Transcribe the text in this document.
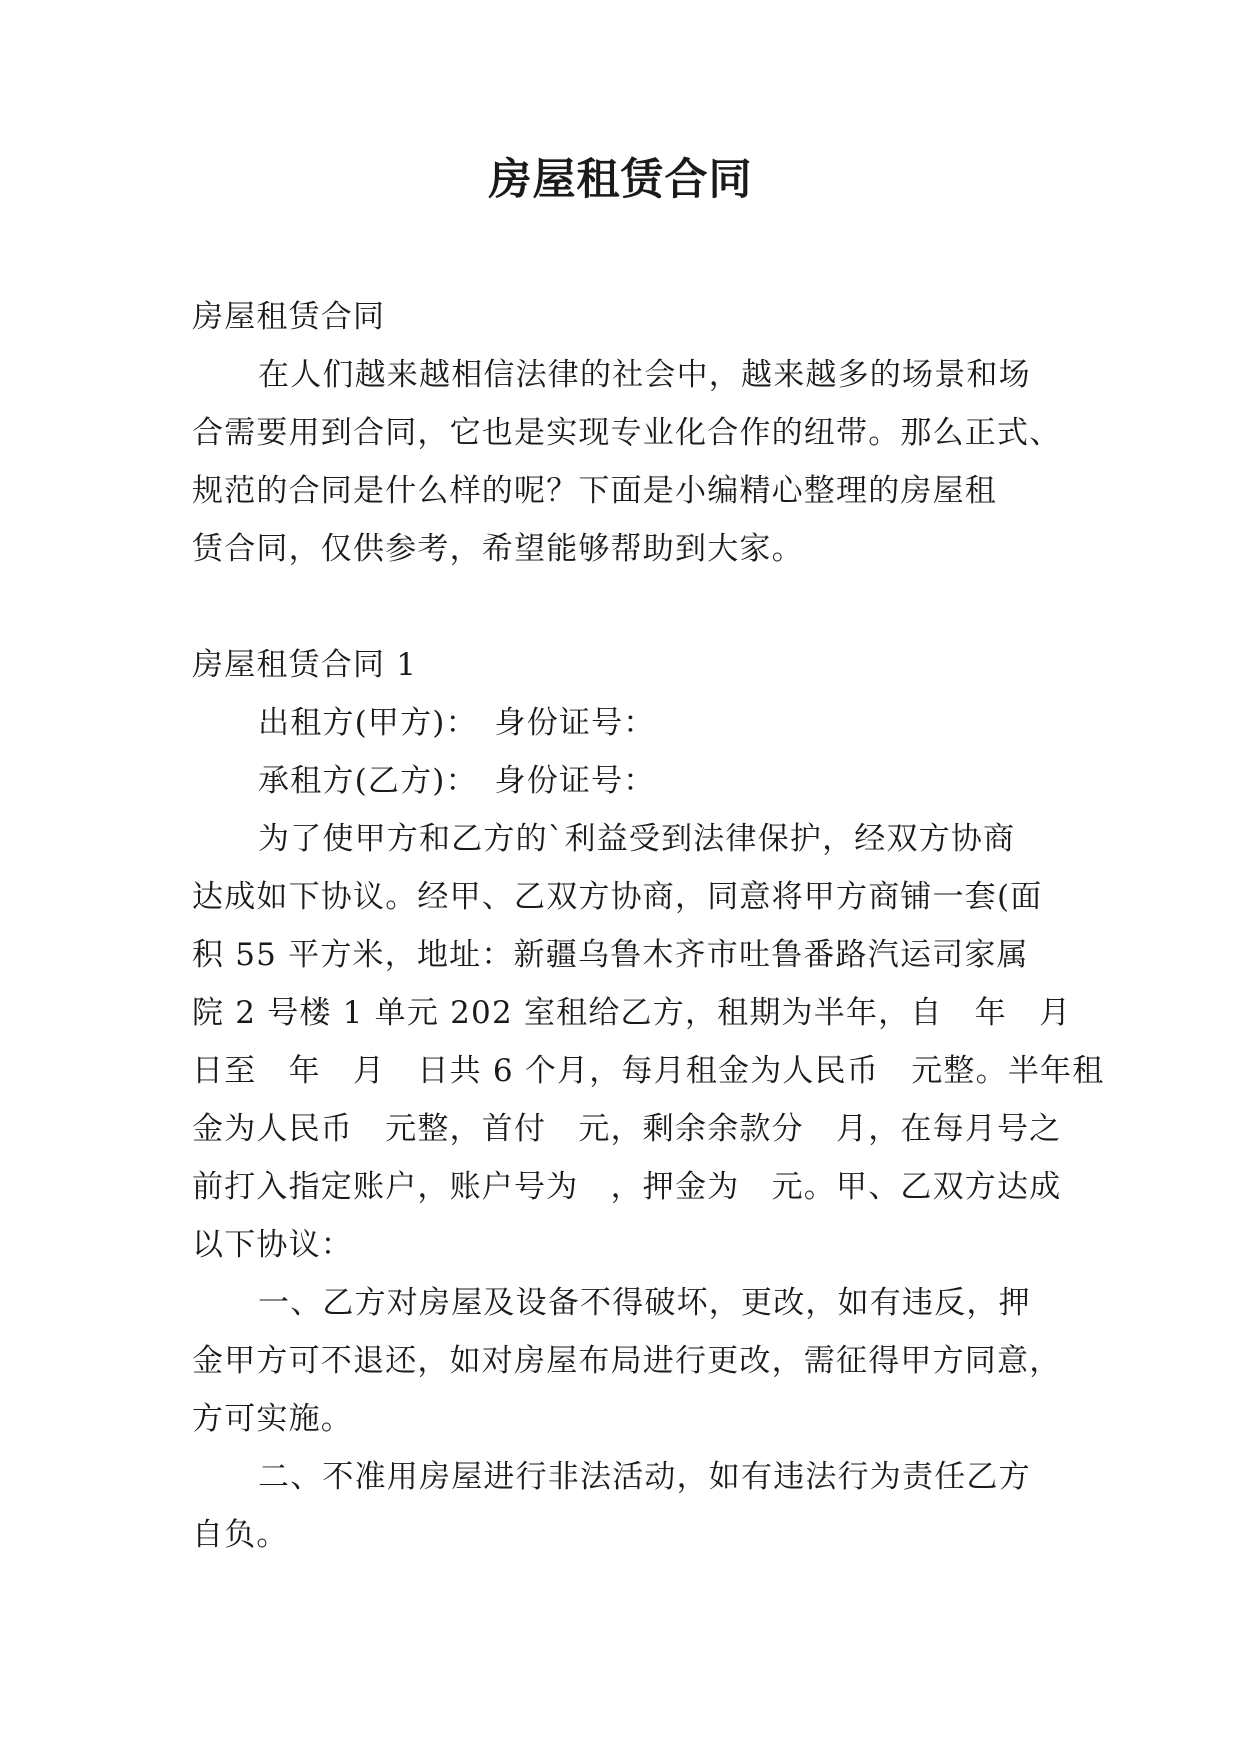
房屋租赁合同
房屋租赁合同
在人们越来越相信法律的社会中，越来越多的场景和场
合需要用到合同，它也是实现专业化合作的纽带。那么正式、
规范的合同是什么样的呢？下面是小编精心整理的房屋租
赁合同，仅供参考，希望能够帮助到大家。
房屋租赁合同 1
出租方(甲方)：　身份证号：
承租方(乙方)：　身份证号：
为了使甲方和乙方的`利益受到法律保护，经双方协商
达成如下协议。经甲、乙双方协商，同意将甲方商铺一套(面
积 55 平方米，地址：新疆乌鲁木齐市吐鲁番路汽运司家属
院 2 号楼 1 单元 202 室租给乙方，租期为半年，自　年　月
日至　年　月　日共 6 个月，每月租金为人民币　元整。半年租
金为人民币　元整，首付　元，剩余余款分　月，在每月号之
前打入指定账户，账户号为　，押金为　元。甲、乙双方达成
以下协议：
一、乙方对房屋及设备不得破坏，更改，如有违反，押
金甲方可不退还，如对房屋布局进行更改，需征得甲方同意，
方可实施。
二、不准用房屋进行非法活动，如有违法行为责任乙方
自负。
